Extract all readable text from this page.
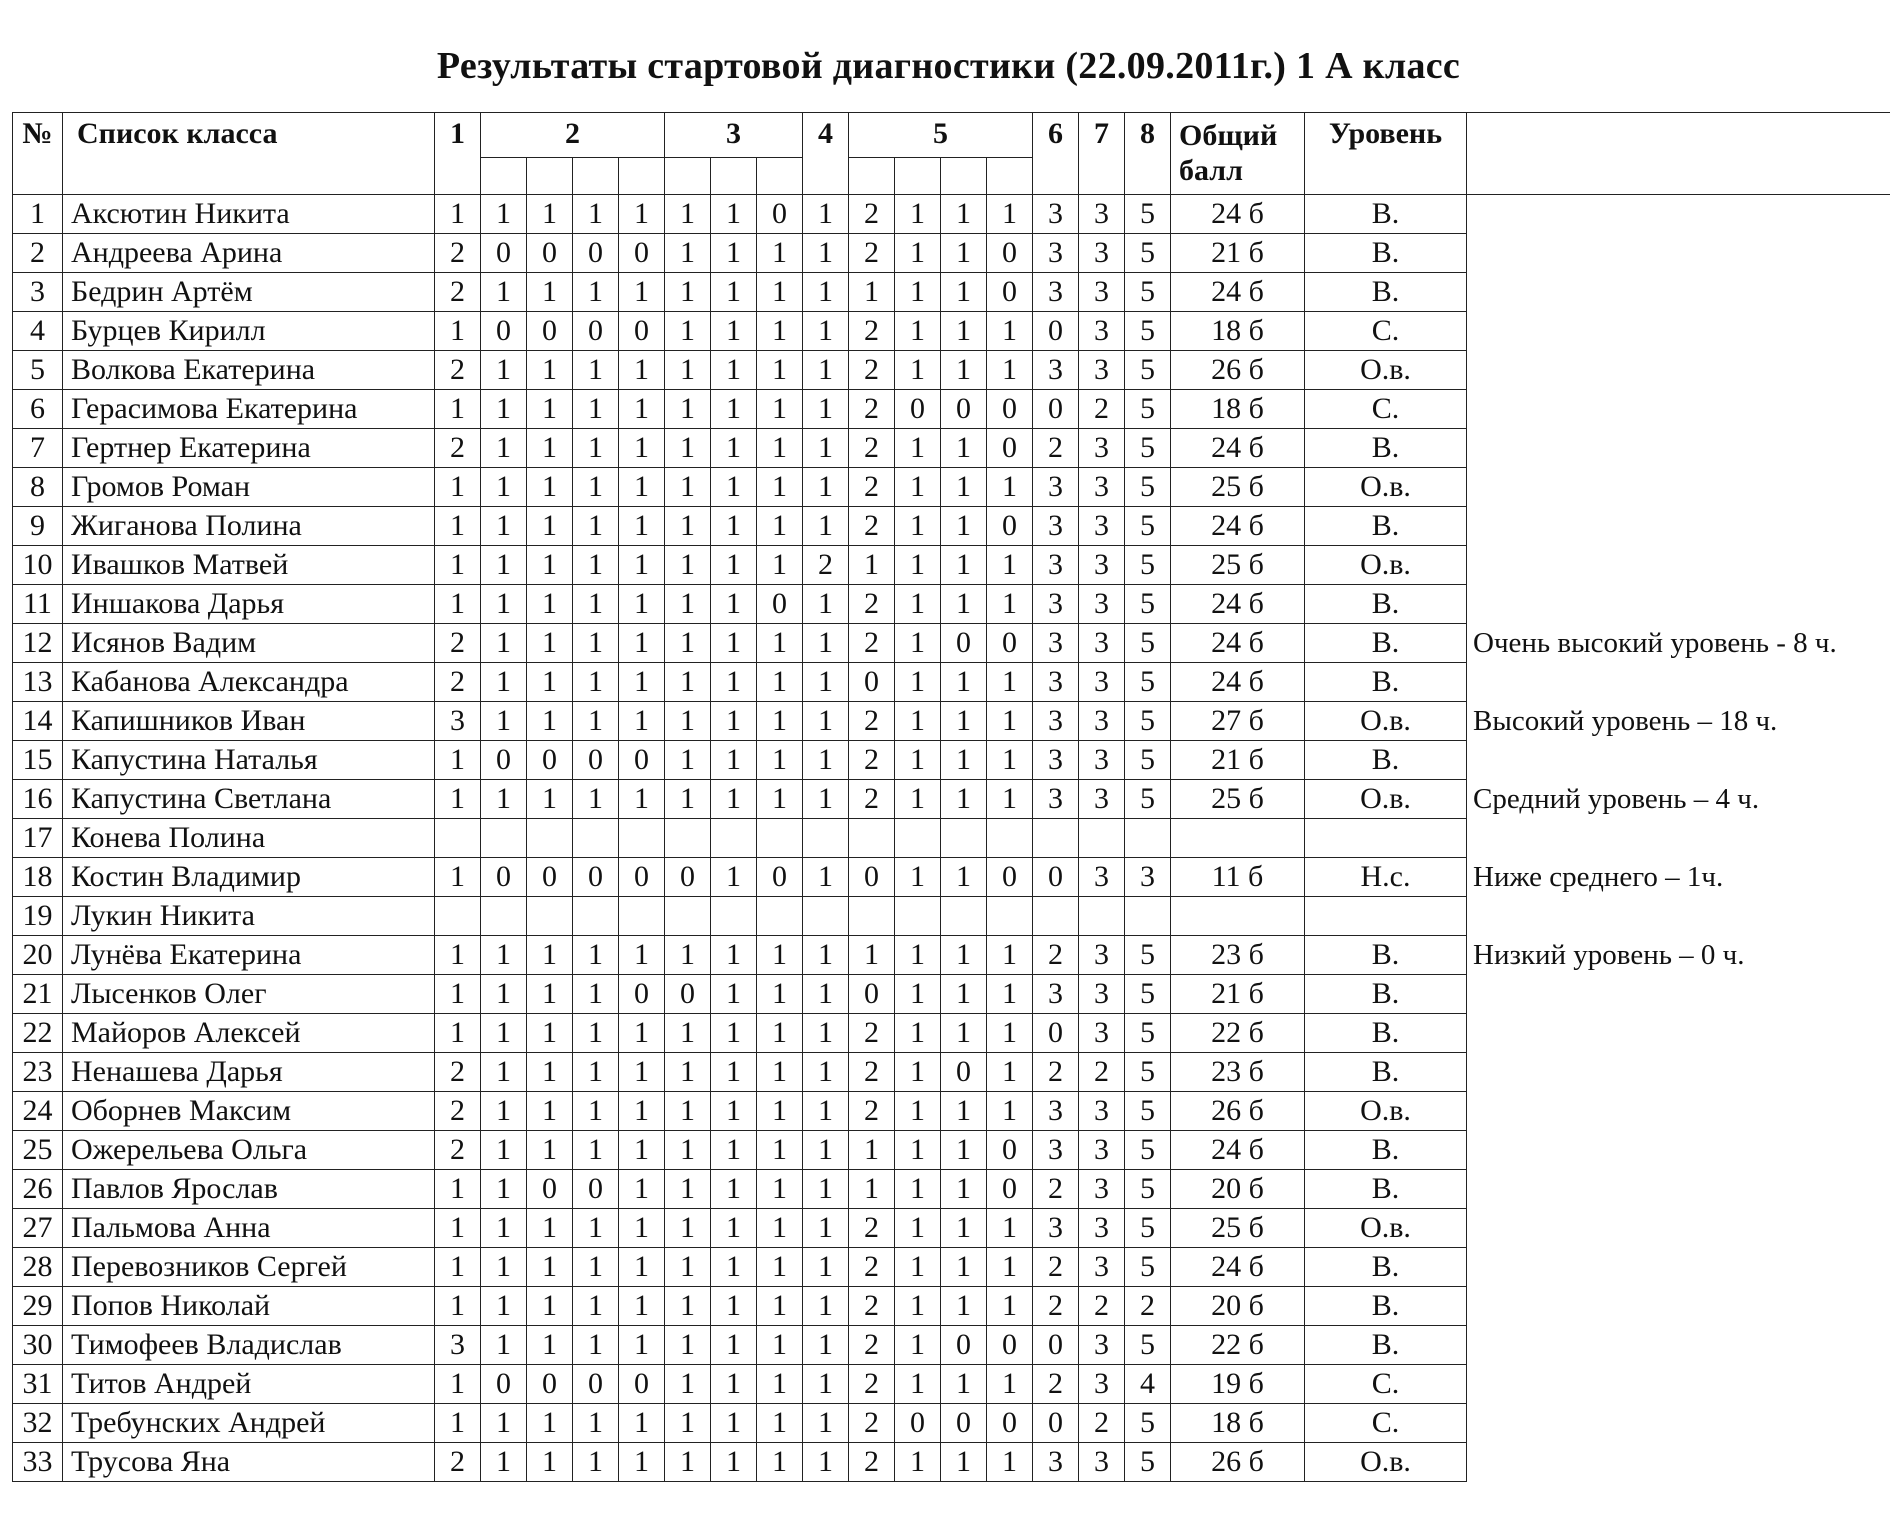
Результаты стартовой диагностики (22.09.2011г.) 1 А класс
№	Список класса	1	2				3			4	5				6	7	8	Общий балл	Уровень	

1	Аксютин Никита	1	1	1	1	1	1	1	0	1	2	1	1	1	3	3	5	24 б	В.	
2	Андреева Арина	2	0	0	0	0	1	1	1	1	2	1	1	0	3	3	5	21 б	В.	
3	Бедрин Артём	2	1	1	1	1	1	1	1	1	1	1	1	0	3	3	5	24 б	В.	
4	Бурцев Кирилл	1	0	0	0	0	1	1	1	1	2	1	1	1	0	3	5	18 б	С.	
5	Волкова Екатерина	2	1	1	1	1	1	1	1	1	2	1	1	1	3	3	5	26 б	О.в.	
6	Герасимова Екатерина	1	1	1	1	1	1	1	1	1	2	0	0	0	0	2	5	18 б	С.	
7	Гертнер Екатерина	2	1	1	1	1	1	1	1	1	2	1	1	0	2	3	5	24 б	В.	
8	Громов Роман	1	1	1	1	1	1	1	1	1	2	1	1	1	3	3	5	25 б	О.в.	
9	Жиганова Полина	1	1	1	1	1	1	1	1	1	2	1	1	0	3	3	5	24 б	В.	
10	Ивашков Матвей	1	1	1	1	1	1	1	1	2	1	1	1	1	3	3	5	25 б	О.в.	
11	Иншакова Дарья	1	1	1	1	1	1	1	0	1	2	1	1	1	3	3	5	24 б	В.	
12	Исянов Вадим	2	1	1	1	1	1	1	1	1	2	1	0	0	3	3	5	24 б	В.	Очень высокий уровень - 8 ч.
13	Кабанова Александра	2	1	1	1	1	1	1	1	1	0	1	1	1	3	3	5	24 б	В.	
14	Капишников Иван	3	1	1	1	1	1	1	1	1	2	1	1	1	3	3	5	27 б	О.в.	Высокий уровень – 18 ч.
15	Капустина Наталья	1	0	0	0	0	1	1	1	1	2	1	1	1	3	3	5	21 б	В.	
16	Капустина Светлана	1	1	1	1	1	1	1	1	1	2	1	1	1	3	3	5	25 б	О.в.	Средний уровень – 4 ч.
17	Конева Полина																			
18	Костин Владимир	1	0	0	0	0	0	1	0	1	0	1	1	0	0	3	3	11 б	Н.с.	Ниже среднего – 1ч.
19	Лукин Никита																			
20	Лунёва Екатерина	1	1	1	1	1	1	1	1	1	1	1	1	1	2	3	5	23 б	В.	Низкий уровень – 0 ч.
21	Лысенков Олег	1	1	1	1	0	0	1	1	1	0	1	1	1	3	3	5	21 б	В.	
22	Майоров Алексей	1	1	1	1	1	1	1	1	1	2	1	1	1	0	3	5	22 б	В.	
23	Ненашева Дарья	2	1	1	1	1	1	1	1	1	2	1	0	1	2	2	5	23 б	В.	
24	Оборнев Максим	2	1	1	1	1	1	1	1	1	2	1	1	1	3	3	5	26 б	О.в.	
25	Ожерельева Ольга	2	1	1	1	1	1	1	1	1	1	1	1	0	3	3	5	24 б	В.	
26	Павлов Ярослав	1	1	0	0	1	1	1	1	1	1	1	1	0	2	3	5	20 б	В.	
27	Пальмова Анна	1	1	1	1	1	1	1	1	1	2	1	1	1	3	3	5	25 б	О.в.	
28	Перевозников Сергей	1	1	1	1	1	1	1	1	1	2	1	1	1	2	3	5	24 б	В.	
29	Попов Николай	1	1	1	1	1	1	1	1	1	2	1	1	1	2	2	2	20 б	В.	
30	Тимофеев Владислав	3	1	1	1	1	1	1	1	1	2	1	0	0	0	3	5	22 б	В.	
31	Титов Андрей	1	0	0	0	0	1	1	1	1	2	1	1	1	2	3	4	19 б	С.	
32	Требунских Андрей	1	1	1	1	1	1	1	1	1	2	0	0	0	0	2	5	18 б	С.	
33	Трусова Яна	2	1	1	1	1	1	1	1	1	2	1	1	1	3	3	5	26 б	О.в.	
